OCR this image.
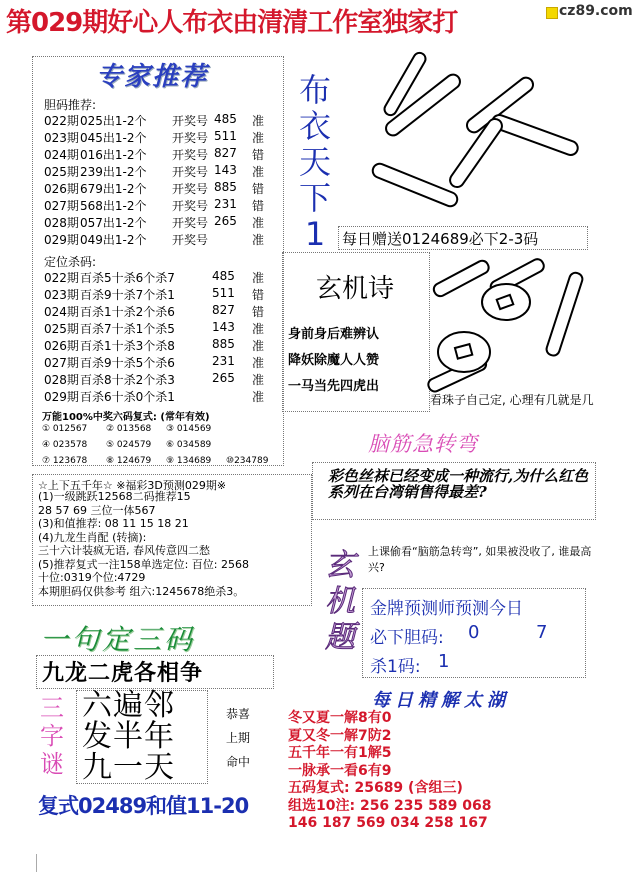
第029期好心人布衣由清清工作室独家打	cz89.com
专家推荐
胆码推荐:
022期 025出1-2个 开奖号 485 准
023期 045出1-2个 开奖号 511 准
024期 016出1-2个 开奖号 827 错
025期 239出1-2个 开奖号 143 准
026期 679出1-2个 开奖号 885 错
027期 568出1-2个 开奖号 231 错
028期 057出1-2个 开奖号 265 准
029期 049出1-2个 开奖号	准
定位杀码:
022期 百杀5十杀6个杀7	485 准
023期 百杀9十杀7个杀1	511 错
024期 百杀1十杀2个杀6	827 错
025期 百杀7十杀1个杀5	143 准
026期 百杀1十杀3个杀8	885 准
027期 百杀9十杀5个杀6	231 准
028期 百杀8十杀2个杀3	265 准
029期 百杀6十杀0个杀1	准
万能100%中奖六码复式: (常年有效)
① 012567 ② 013568 ③ 014569
④ 023578 ⑤ 024579 ⑥ 034589
⑦ 123678 ⑧ 124679 ⑨ 134689 ⑩234789
布
衣
天
下
1	每日赠送0124689必下2-3码
玄机诗
身前身后难辨认
降妖除魔人人赞
一马当先四虎出
看珠子自己定, 心理有几就是几
脑筋急转弯
彩色丝袜已经变成一种流行,为什么红色系列在台湾销售得最差?
☆上下五千年☆ ※福彩3D预测029期※
(1)一级跳跃12568二码推荐15
28 57 69 三位一体567
(3)和值推荐: 08 11 15 18 21
(4)九龙生肖配 (转摘):
三十六计装疯无语, 春风传意四二愁
(5)推荐复式一注158单选定位: 百位: 2568
十位:0319个位:4729
本期胆码仅供参考 组六:1245678绝杀3。
玄
机
题
上课偷看“脑筋急转弯”, 如果被没收了, 谁最高兴?
金牌预测师预测今日
必下胆码: 0	7
杀1码: 1
一句定三码
九龙二虎各相争
三
字
谜
六遍邻
发半年
九一天
恭喜
上期
命中
复式02489和值11-20
每日精解太湖
冬又夏一解8有0
夏又冬一解7防2
五千年一有1解5
一脉承一看6有9
五码复式: 25689 (含组三)
组选10注: 256 235 589 068
146 187 569 034 258 167
